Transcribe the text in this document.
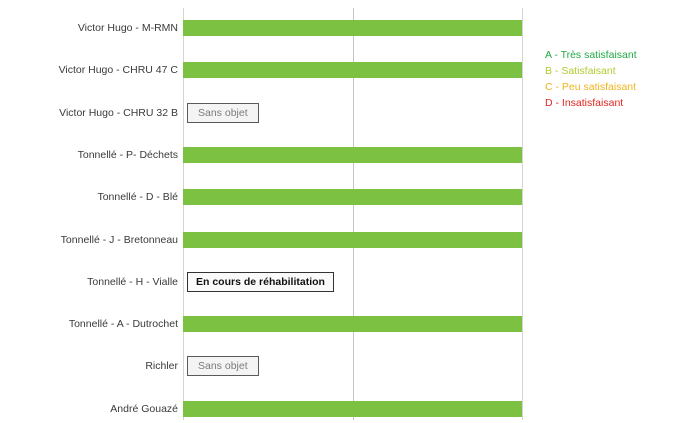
Victor Hugo - M-RMN
Victor Hugo - CHRU 47 C
Victor Hugo - CHRU 32 B	Sans objet
Tonnellé - P- Déchets
Tonnellé - D - Blé
Tonnellé - J - Bretonneau
Tonnellé - H - Vialle	En cours de réhabilitation
Tonnellé - A - Dutrochet
Richler	Sans objet
André Gouazé
A - Très satisfaisant
B - Satisfaisant
C - Peu satisfaisant
D - Insatisfaisant
